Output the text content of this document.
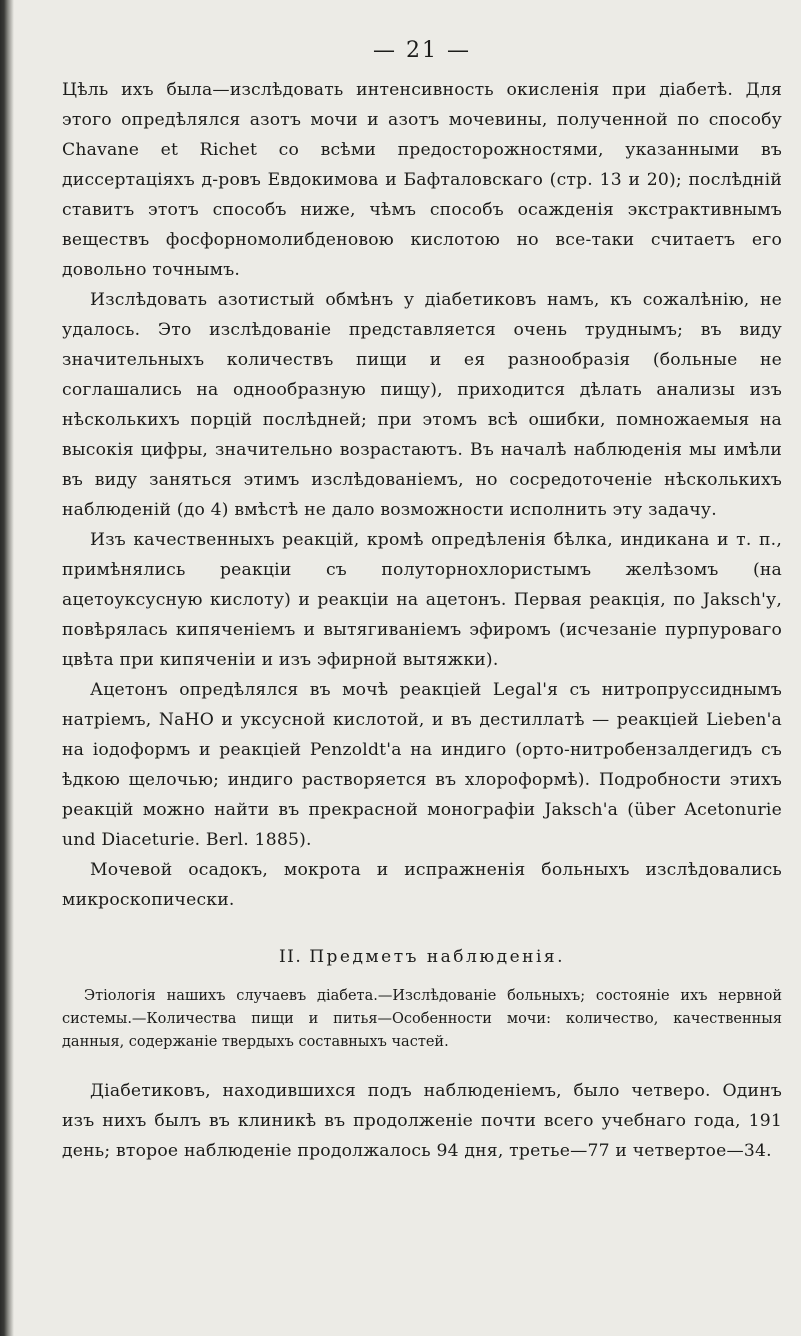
— 21 —

Цѣль ихъ была—изслѣдовать интенсивность окисленія при діабетѣ. Для этого опредѣлялся азотъ мочи и азотъ мочевины, полученной по способу Chavane et Richet со всѣми предосторожностями, указанными въ диссертаціяхъ д-ровъ Евдокимова и Бафталовскаго (стр. 13 и 20); послѣдній ставитъ этотъ способъ ниже, чѣмъ способъ осажденія экстрактивнымъ веществъ фосфорномолибденовою кислотою но все-таки считаетъ его довольно точнымъ.

Изслѣдовать азотистый обмѣнъ у діабетиковъ намъ, къ сожалѣнію, не удалось. Это изслѣдованіе представляется очень труднымъ; въ виду значительныхъ количествъ пищи и ея разнообразія (больные не соглашались на однообразную пищу), приходится дѣлать анализы изъ нѣсколькихъ порцій послѣдней; при этомъ всѣ ошибки, помножаемыя на высокія цифры, значительно возрастаютъ. Въ началѣ наблюденія мы имѣли въ виду заняться этимъ изслѣдованіемъ, но сосредоточеніе нѣсколькихъ наблюденій (до 4) вмѣстѣ не дало возможности исполнить эту задачу.

Изъ качественныхъ реакцій, кромѣ опредѣленія бѣлка, индикана и т. п., примѣнялись реакціи съ полуторнохлористымъ желѣзомъ (на ацетоуксусную кислоту) и реакціи на ацетонъ. Первая реакція, по Jaksch'у, повѣрялась кипяченіемъ и вытягиваніемъ эфиромъ (исчезаніе пурпуроваго цвѣта при кипяченіи и изъ эфирной вытяжки).

Ацетонъ опредѣлялся въ мочѣ реакціей Legal'я съ нитропруссиднымъ натріемъ, NaHO и уксусной кислотой, и въ дестиллатѣ — реакціей Lieben'а на іодоформъ и реакціей Penzoldt'а на индиго (орто-нитробензалдегидъ съ ѣдкою щелочью; индиго растворяется въ хлороформѣ). Подробности этихъ реакцій можно найти въ прекрасной монографіи Jaksch'а (über Acetonurie und Diaceturie. Berl. 1885).

Мочевой осадокъ, мокрота и испражненія больныхъ изслѣдовались микроскопически.

II. Предметъ наблюденія.

Этіологія нашихъ случаевъ діабета.—Изслѣдованіе больныхъ; состояніе ихъ нервной системы.—Количества пищи и питья—Особенности мочи: количество, качественныя данныя, содержаніе твердыхъ составныхъ частей.

Діабетиковъ, находившихся подъ наблюденіемъ, было четверо. Одинъ изъ нихъ былъ въ клиникѣ въ продолженіе почти всего учебнаго года, 191 день; второе наблюденіе продолжалось 94 дня, третье—77 и четвертое—34.
